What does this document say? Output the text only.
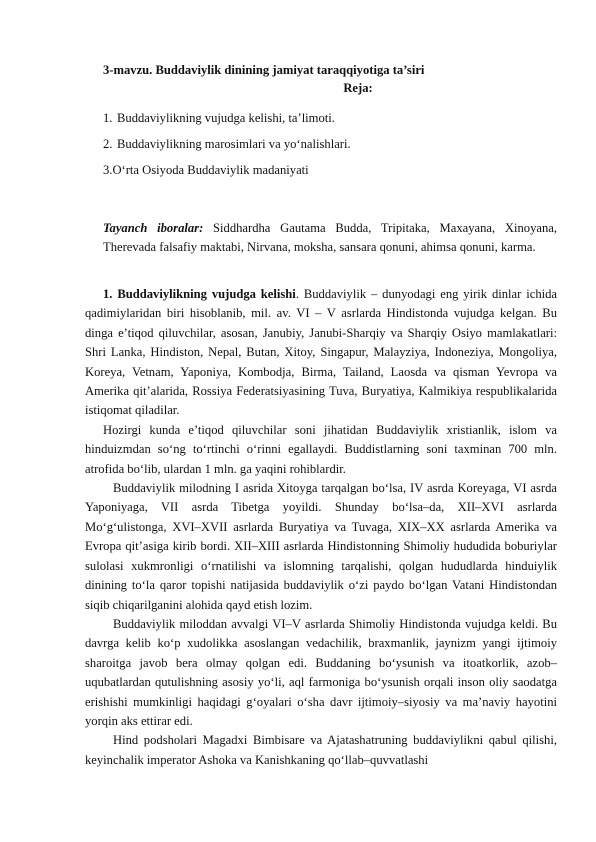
3-mavzu. Buddaviylik dinining jamiyat taraqqiyotiga ta’siri
Reja:
1. Buddaviylikning vujudga kelishi, ta’limoti.
2. Buddaviylikning marosimlari va yo‘nalishlari.
3.O‘rta Osiyoda Buddaviylik madaniyati
Tayanch iboralar: Siddhardha Gautama Budda, Tripitaka, Maxayana, Xinoyana, Therevada falsafiy maktabi, Nirvana, moksha, sansara qonuni, ahimsa qonuni, karma.

1. Buddaviylikning vujudga kelishi. Buddaviylik – dunyodagi eng yirik dinlar ichida qadimiylaridan biri hisoblanib, mil. av. VI – V asrlarda Hindistonda vujudga kelgan. Bu dinga e’tiqod qiluvchilar, asosan, Janubiy, Janubi-Sharqiy va Sharqiy Osiyo mamlakatlari: Shri Lanka, Hindiston, Nepal, Butan, Xitoy, Singapur, Malayziya, Indoneziya, Mongoliya, Koreya, Vetnam, Yaponiya, Kombodja, Birma, Tailand, Laosda va qisman Yevropa va Amerika qit’alarida, Rossiya Federatsiyasining Tuva, Buryatiya, Kalmikiya respublikalarida istiqomat qiladilar.

Hozirgi kunda e’tiqod qiluvchilar soni jihatidan Buddaviylik xristianlik, islom va hinduizmdan so‘ng to‘rtinchi o‘rinni egallaydi. Buddistlarning soni taxminan 700 mln. atrofida bo‘lib, ulardan 1 mln. ga yaqini rohiblardir.

Buddaviylik milodning I asrida Xitoyga tarqalgan bo‘lsa, IV asrda Koreyaga, VI asrda Yaponiyaga, VII asrda Tibetga yoyildi. Shunday bo‘lsa–da, XII–XVI asrlarda Mo‘g‘ulistonga, XVI–XVII asrlarda Buryatiya va Tuvaga, XIX–XX asrlarda Amerika va Evropa qit’asiga kirib bordi. XII–XIII asrlarda Hindistonning Shimoliy hududida boburiylar sulolasi xukmronligi o‘rnatilishi va islomning tarqalishi, qolgan hududlarda hinduiylik dinining to‘la qaror topishi natijasida buddaviylik o‘zi paydo bo‘lgan Vatani Hindistondan siqib chiqarilganini alohida qayd etish lozim.

Buddaviylik miloddan avvalgi VI–V asrlarda Shimoliy Hindistonda vujudga keldi. Bu davrga kelib ko‘p xudolikka asoslangan vedachilik, braxmanlik, jaynizm yangi ijtimoiy sharoitga javob bera olmay qolgan edi. Buddaning bo‘ysunish va itoatkorlik, azob–uqubatlardan qutulishning asosiy yo‘li, aql farmoniga bo‘ysunish orqali inson oliy saodatga erishishi mumkinligi haqidagi g‘oyalari o‘sha davr ijtimoiy–siyosiy va ma’naviy hayotini yorqin aks ettirar edi.

Hind podsholari Magadxi Bimbisare va Ajatashatruning buddaviylikni qabul qilishi, keyinchalik imperator Ashoka va Kanishkaning qo‘llab–quvvatlashi
